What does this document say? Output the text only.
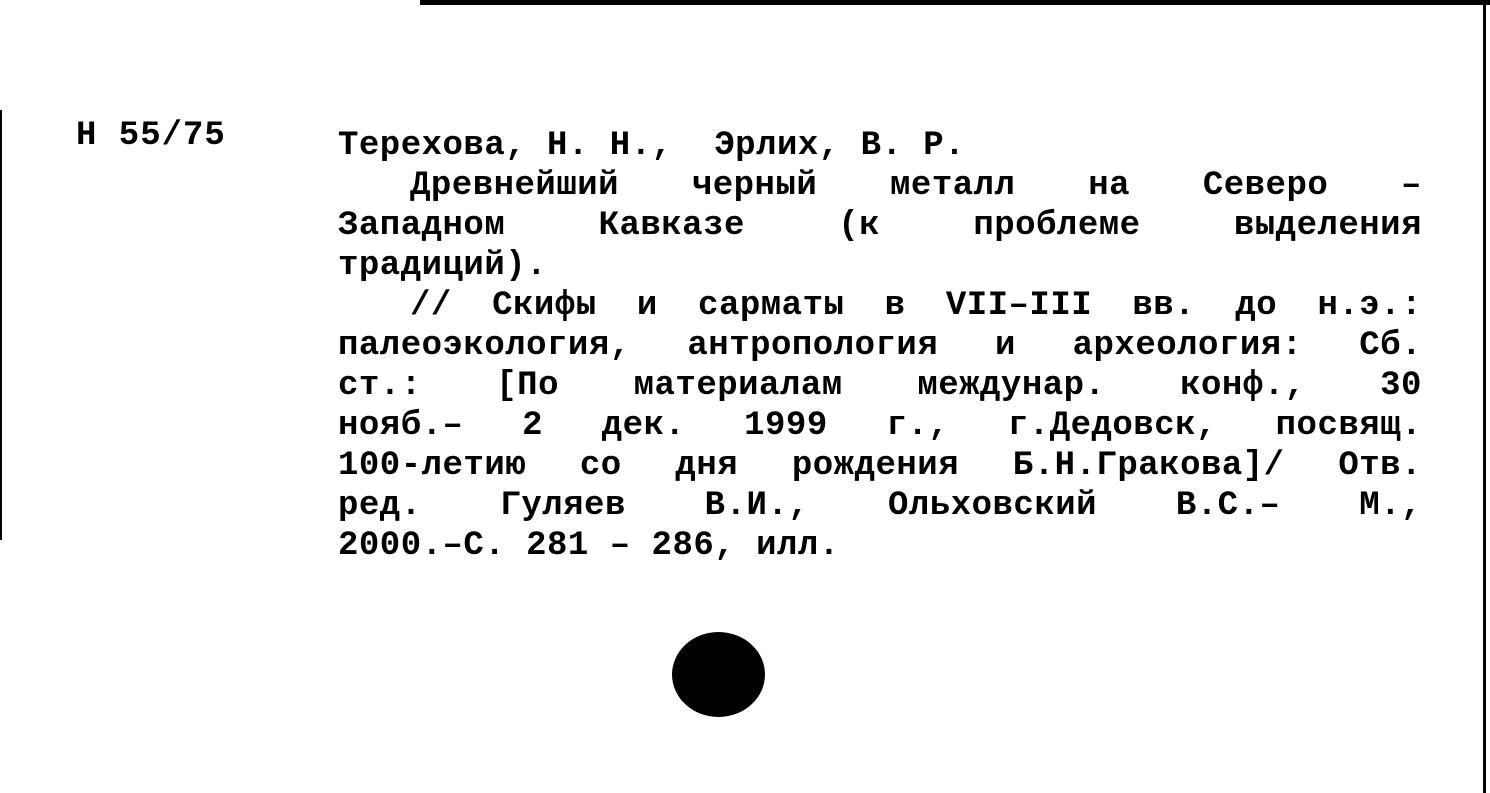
Н 55/75	Терехова, Н. Н.,  Эрлих, В. Р.
Древнейший черный металл на Северо –
Западном	Кавказе	(к	проблеме	выделения
традиций).
// Скифы и сарматы в VII–III вв. до н.э.:
палеоэкология, антропология и археология: Сб.
ст.: [По материалам междунар. конф., 30
нояб.– 2 дек. 1999 г., г.Дедовск, посвящ.
100-летию со дня рождения Б.Н.Гракова]/ Отв.
ред. Гуляев В.И., Ольховский В.С.– М.,
2000.–С. 281 – 286, илл.
